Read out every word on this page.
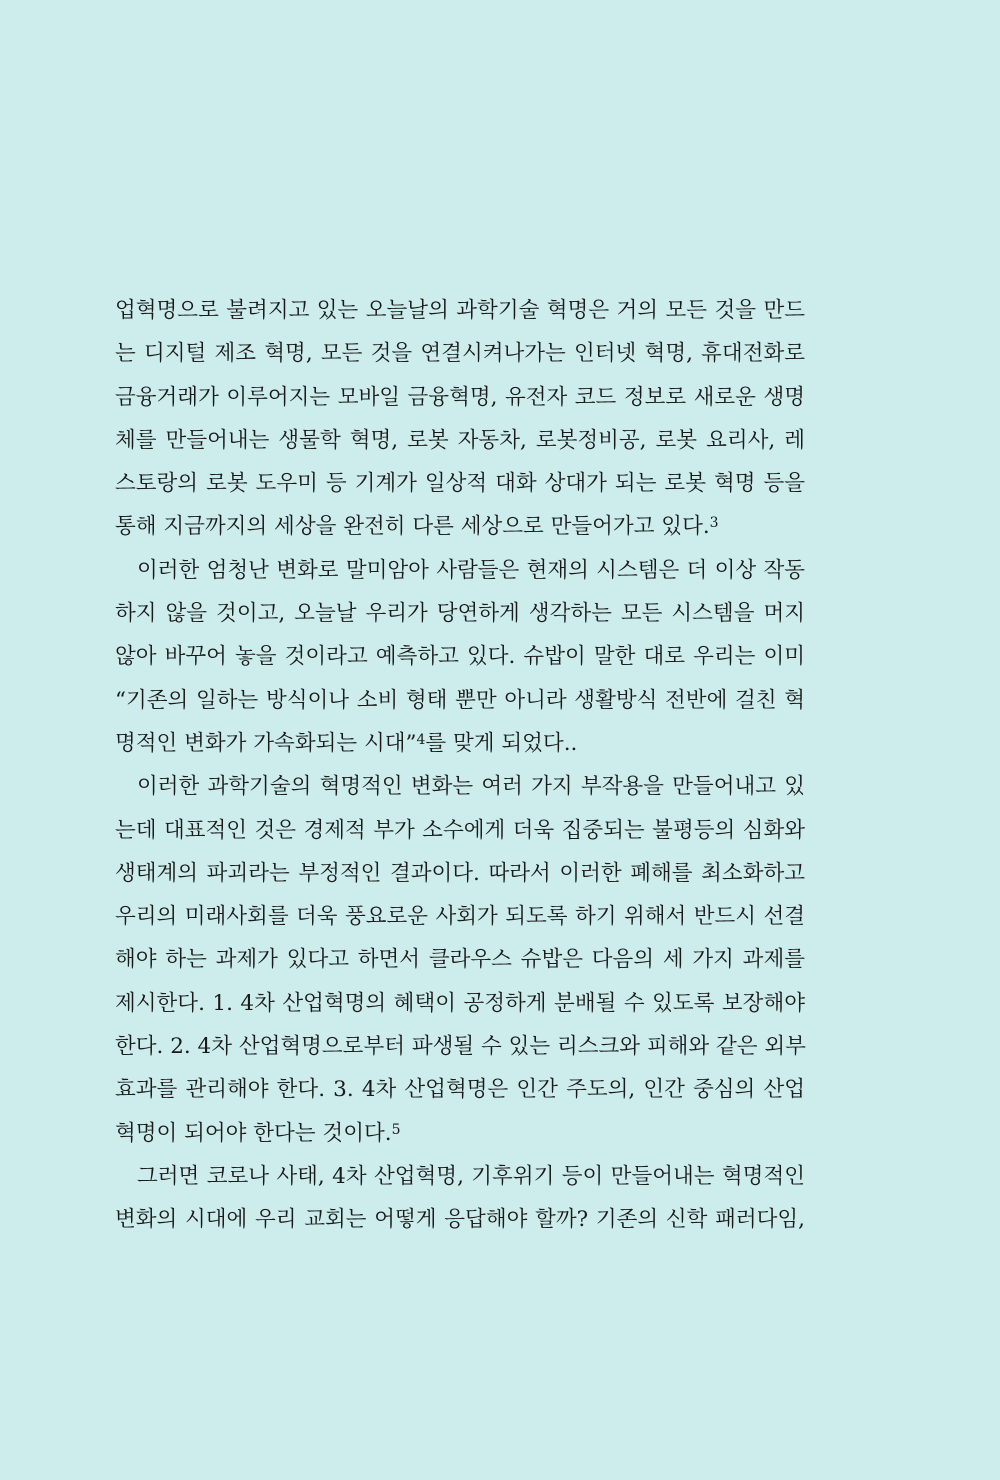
업혁명으로 불려지고 있는 오늘날의 과학기술 혁명은 거의 모든 것을 만드
는 디지털 제조 혁명, 모든 것을 연결시켜나가는 인터넷 혁명, 휴대전화로
금융거래가 이루어지는 모바일 금융혁명, 유전자 코드 정보로 새로운 생명
체를 만들어내는 생물학 혁명, 로봇 자동차, 로봇정비공, 로봇 요리사, 레
스토랑의 로봇 도우미 등 기계가 일상적 대화 상대가 되는 로봇 혁명 등을
통해 지금까지의 세상을 완전히 다른 세상으로 만들어가고 있다.$^3$
이러한 엄청난 변화로 말미암아 사람들은 현재의 시스템은 더 이상 작동
하지 않을 것이고, 오늘날 우리가 당연하게 생각하는 모든 시스템을 머지
않아 바꾸어 놓을 것이라고 예측하고 있다. 슈밥이 말한 대로 우리는 이미
“기존의 일하는 방식이나 소비 형태 뿐만 아니라 생활방식 전반에 걸친 혁
명적인 변화가 가속화되는 시대”$^4$를 맞게 되었다..
이러한 과학기술의 혁명적인 변화는 여러 가지 부작용을 만들어내고 있
는데 대표적인 것은 경제적 부가 소수에게 더욱 집중되는 불평등의 심화와
생태계의 파괴라는 부정적인 결과이다. 따라서 이러한 폐해를 최소화하고
우리의 미래사회를 더욱 풍요로운 사회가 되도록 하기 위해서 반드시 선결
해야 하는 과제가 있다고 하면서 클라우스 슈밥은 다음의 세 가지 과제를
제시한다. 1. 4차 산업혁명의 혜택이 공정하게 분배될 수 있도록 보장해야
한다. 2. 4차 산업혁명으로부터 파생될 수 있는 리스크와 피해와 같은 외부
효과를 관리해야 한다. 3. 4차 산업혁명은 인간 주도의, 인간 중심의 산업
혁명이 되어야 한다는 것이다.$^5$
그러면 코로나 사태, 4차 산업혁명, 기후위기 등이 만들어내는 혁명적인
변화의 시대에 우리 교회는 어떻게 응답해야 할까? 기존의 신학 패러다임,
